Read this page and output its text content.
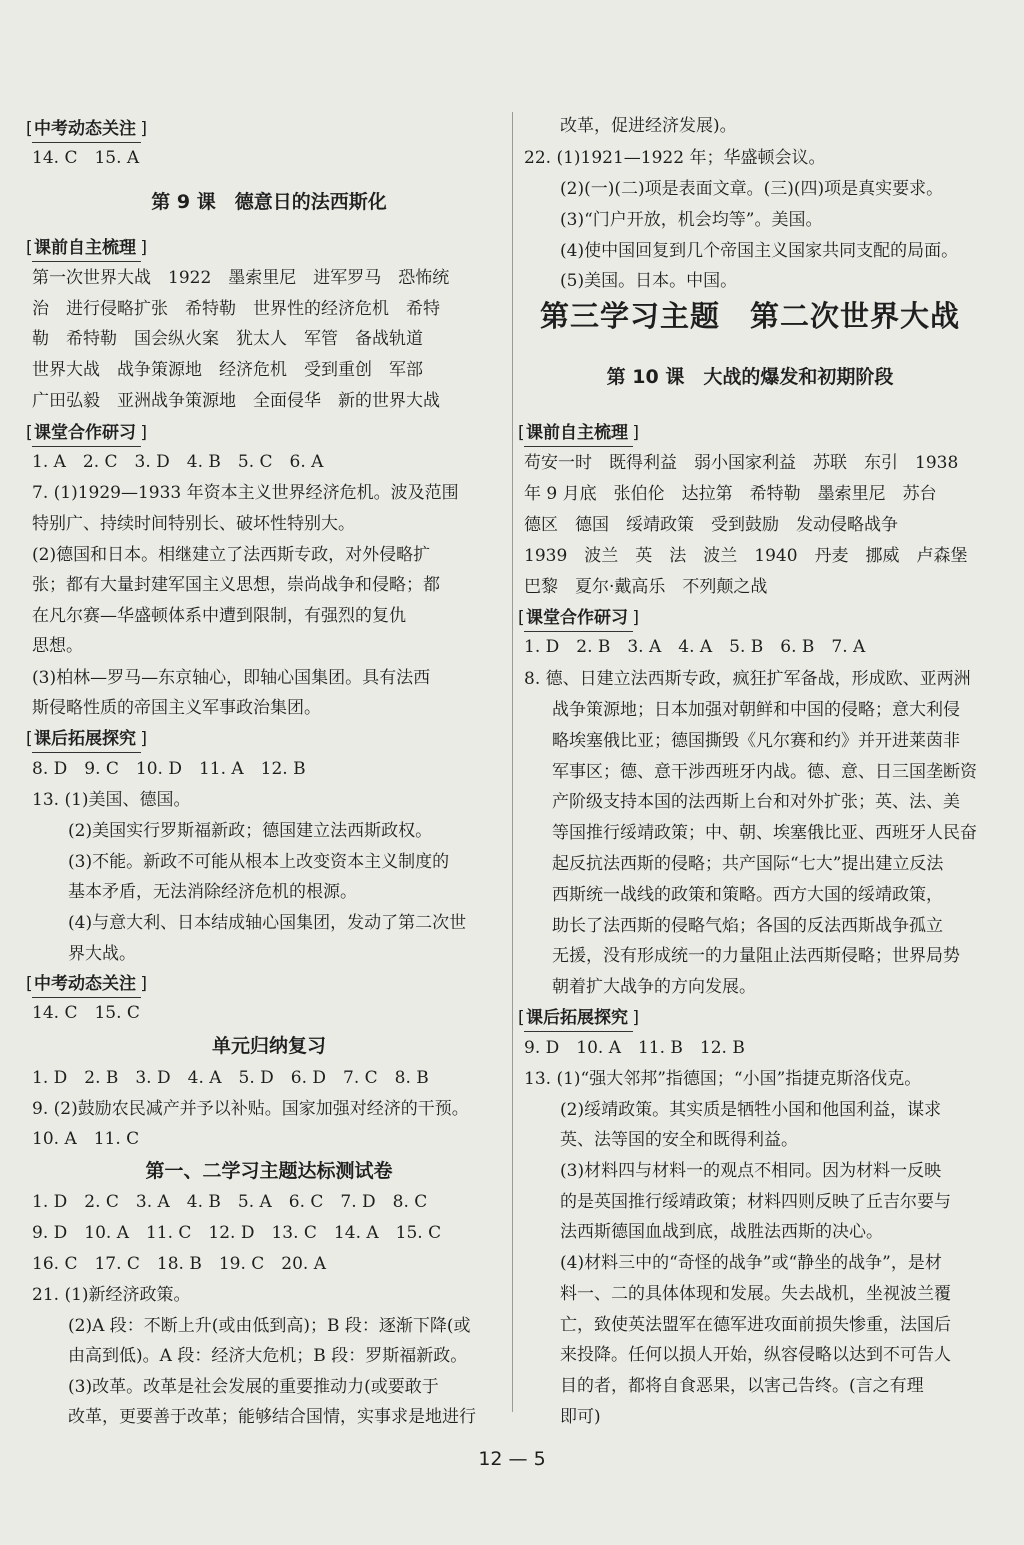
[ 中考动态关注
]
14. C　15. A
第 9 课　德意日的法西斯化
[ 课前自主梳理
]
第一次世界大战　1922　墨索里尼　进军罗马　恐怖统
治　进行侵略扩张　希特勒　世界性的经济危机　希特
勒　希特勒　国会纵火案　犹太人　军管　备战轨道
世界大战　战争策源地　经济危机　受到重创　军部
广田弘毅　亚洲战争策源地　全面侵华　新的世界大战
[ 课堂合作研习
]
1. A　2. C　3. D　4. B　5. C　6. A
7. (1)1929—1933 年资本主义世界经济危机。波及范围
特别广、持续时间特别长、破坏性特别大。
(2)德国和日本。相继建立了法西斯专政，对外侵略扩
张；都有大量封建军国主义思想，崇尚战争和侵略；都
在凡尔赛—华盛顿体系中遭到限制，有强烈的复仇
思想。
(3)柏林—罗马—东京轴心，即轴心国集团。具有法西
斯侵略性质的帝国主义军事政治集团。
[ 课后拓展探究
]
8. D　9. C　10. D　11. A　12. B
13. (1)美国、德国。
(2)美国实行罗斯福新政；德国建立法西斯政权。
(3)不能。新政不可能从根本上改变资本主义制度的
基本矛盾，无法消除经济危机的根源。
(4)与意大利、日本结成轴心国集团，发动了第二次世
界大战。
[ 中考动态关注
]
14. C　15. C
单元归纳复习
1. D　2. B　3. D　4. A　5. D　6. D　7. C　8. B
9. (2)鼓励农民减产并予以补贴。国家加强对经济的干预。
10. A　11. C
第一、二学习主题达标测试卷
1. D　2. C　3. A　4. B　5. A　6. C　7. D　8. C
9. D　10. A　11. C　12. D　13. C　14. A　15. C
16. C　17. C　18. B　19. C　20. A
21. (1)新经济政策。
(2)A 段：不断上升(或由低到高)；B 段：逐渐下降(或
由高到低)。A 段：经济大危机；B 段：罗斯福新政。
(3)改革。改革是社会发展的重要推动力(或要敢于
改革，更要善于改革；能够结合国情，实事求是地进行
改革，促进经济发展)。
22. (1)1921—1922 年；华盛顿会议。
(2)(一)(二)项是表面文章。(三)(四)项是真实要求。
(3)“门户开放，机会均等”。美国。
(4)使中国回复到几个帝国主义国家共同支配的局面。
(5)美国。日本。中国。
第三学习主题　第二次世界大战
第 10 课　大战的爆发和初期阶段
[ 课前自主梳理
]
苟安一时　既得利益　弱小国家利益　苏联　东引　1938
年 9 月底　张伯伦　达拉第　希特勒　墨索里尼　苏台
德区　德国　绥靖政策　受到鼓励　发动侵略战争
1939　波兰　英　法　波兰　1940　丹麦　挪威　卢森堡
巴黎　夏尔·戴高乐　不列颠之战
[ 课堂合作研习
]
1. D　2. B　3. A　4. A　5. B　6. B　7. A
8. 德、日建立法西斯专政，疯狂扩军备战，形成欧、亚两洲
战争策源地；日本加强对朝鲜和中国的侵略；意大利侵
略埃塞俄比亚；德国撕毁《凡尔赛和约》并开进莱茵非
军事区；德、意干涉西班牙内战。德、意、日三国垄断资
产阶级支持本国的法西斯上台和对外扩张；英、法、美
等国推行绥靖政策；中、朝、埃塞俄比亚、西班牙人民奋
起反抗法西斯的侵略；共产国际“七大”提出建立反法
西斯统一战线的政策和策略。西方大国的绥靖政策，
助长了法西斯的侵略气焰；各国的反法西斯战争孤立
无援，没有形成统一的力量阻止法西斯侵略；世界局势
朝着扩大战争的方向发展。
[ 课后拓展探究
]
9. D　10. A　11. B　12. B
13. (1)“强大邻邦”指德国；“小国”指捷克斯洛伐克。
(2)绥靖政策。其实质是牺牲小国和他国利益，谋求
英、法等国的安全和既得利益。
(3)材料四与材料一的观点不相同。因为材料一反映
的是英国推行绥靖政策；材料四则反映了丘吉尔要与
法西斯德国血战到底，战胜法西斯的决心。
(4)材料三中的“奇怪的战争”或“静坐的战争”，是材
料一、二的具体体现和发展。失去战机，坐视波兰覆
亡，致使英法盟军在德军进攻面前损失惨重，法国后
来投降。任何以损人开始，纵容侵略以达到不可告人
目的者，都将自食恶果，以害己告终。(言之有理
即可)
12 — 5
